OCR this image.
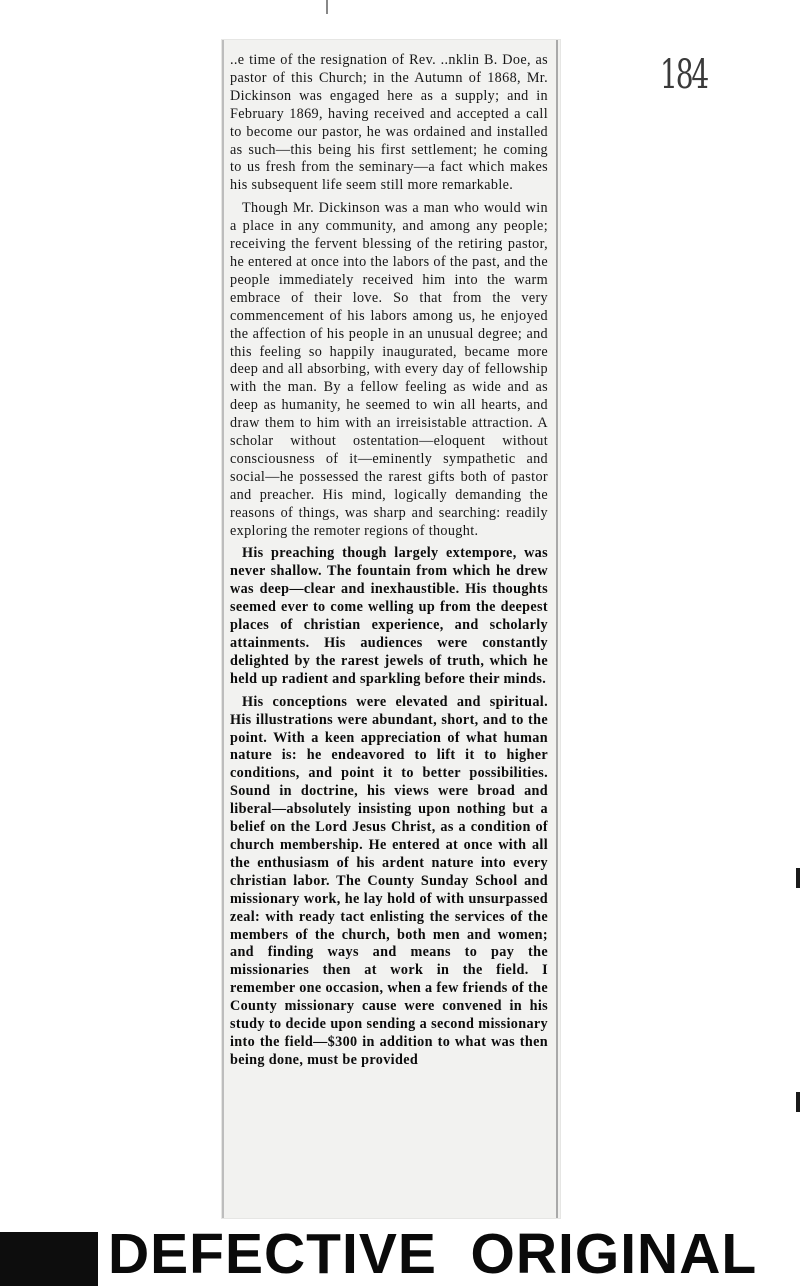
..e time of the resignation of Rev. ..nklin B. Doe, as pastor of this Church; in the Autumn of 1868, Mr. Dickinson was engaged here as a supply; and in February 1869, having received and accepted a call to become our pastor, he was ordained and installed as such—this being his first settlement; he coming to us fresh from the seminary—a fact which makes his subsequent life seem still more remarkable.

Though Mr. Dickinson was a man who would win a place in any community, and among any people; receiving the fervent blessing of the retiring pastor, he entered at once into the labors of the past, and the people immediately received him into the warm embrace of their love. So that from the very commencement of his labors among us, he enjoyed the affection of his people in an unusual degree; and this feeling so happily inaugurated, became more deep and all absorbing, with every day of fellowship with the man. By a fellow feeling as wide and as deep as humanity, he seemed to win all hearts, and draw them to him with an irreisistable attraction. A scholar without ostentation—eloquent without consciousness of it—eminently sympathetic and social—he possessed the rarest gifts both of pastor and preacher. His mind, logically demanding the reasons of things, was sharp and searching: readily exploring the remoter regions of thought.

His preaching though largely extempore, was never shallow. The fountain from which he drew was deep—clear and inexhaustible. His thoughts seemed ever to come welling up from the deepest places of christian experience, and scholarly attainments. His audiences were constantly delighted by the rarest jewels of truth, which he held up radient and sparkling before their minds.

His conceptions were elevated and spiritual. His illustrations were abundant, short, and to the point. With a keen appreciation of what human nature is: he endeavored to lift it to higher conditions, and point it to better possibilities. Sound in doctrine, his views were broad and liberal—absolutely insisting upon nothing but a belief on the Lord Jesus Christ, as a condition of church membership. He entered at once with all the enthusiasm of his ardent nature into every christian labor. The County Sunday School and missionary work, he lay hold of with unsurpassed zeal: with ready tact enlisting the services of the members of the church, both men and women; and finding ways and means to pay the missionaries then at work in the field. I remember one occasion, when a few friends of the County missionary cause were convened in his study to decide upon sending a second missionary into the field—$300 in addition to what was then being done, must be provided

184
DEFECTIVE  ORIGINAL
